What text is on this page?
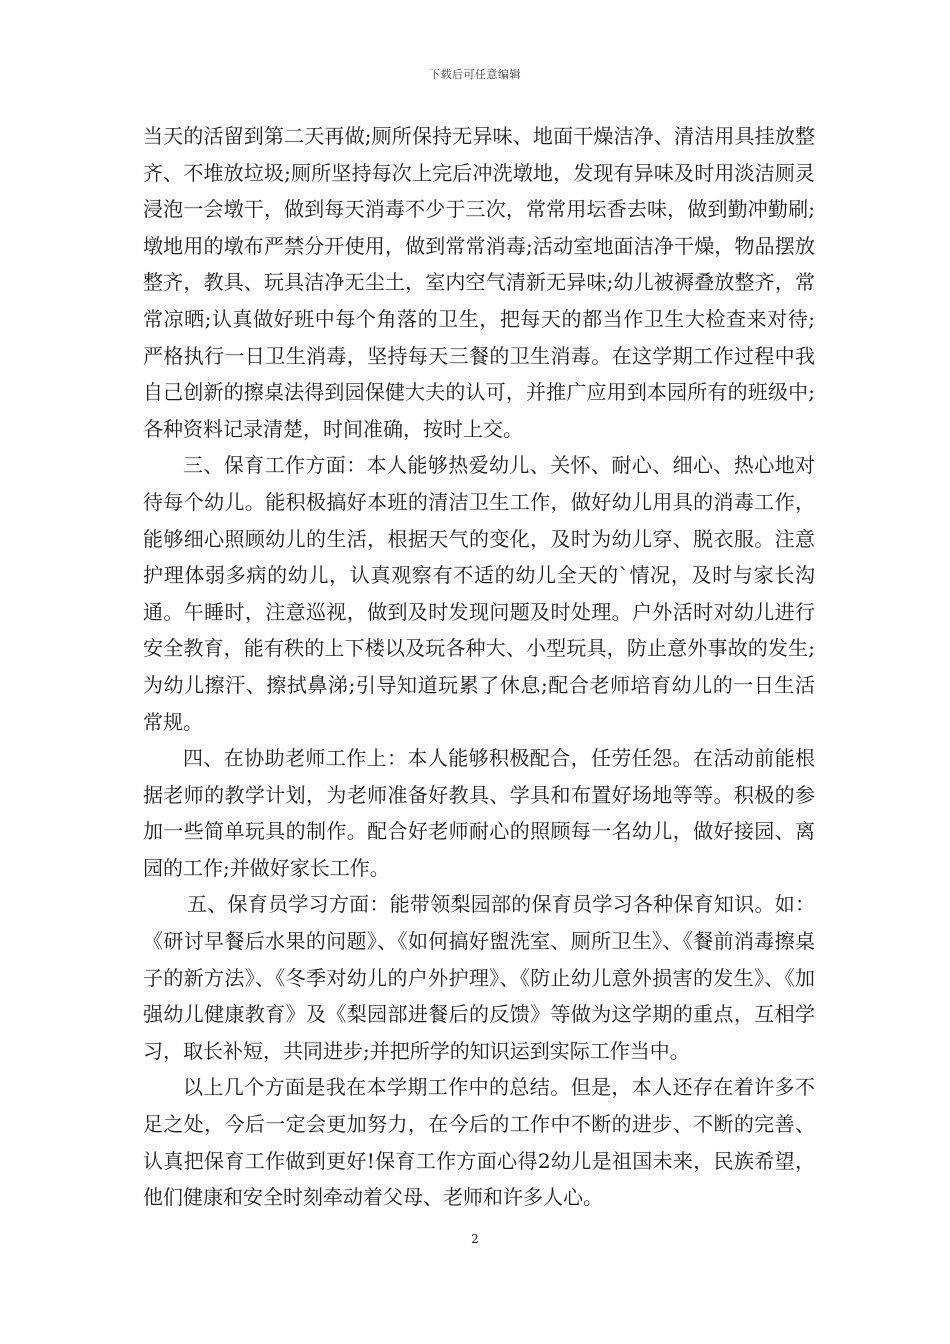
下载后可任意编辑

当天的活留到第二天再做;厕所保持无异味、地面干燥洁净、清洁用具挂放整齐、不堆放垃圾;厕所坚持每次上完后冲洗墩地，发现有异味及时用淡洁厕灵浸泡一会墩干，做到每天消毒不少于三次，常常用坛香去味，做到勤冲勤刷;墩地用的墩布严禁分开使用，做到常常消毒;活动室地面洁净干燥，物品摆放整齐，教具、玩具洁净无尘土，室内空气清新无异味;幼儿被褥叠放整齐，常常凉晒;认真做好班中每个角落的卫生，把每天的都当作卫生大检查来对待;严格执行一日卫生消毒，坚持每天三餐的卫生消毒。在这学期工作过程中我自己创新的擦桌法得到园保健大夫的认可，并推广应用到本园所有的班级中;各种资料记录清楚，时间准确，按时上交。

三、保育工作方面：本人能够热爱幼儿、关怀、耐心、细心、热心地对待每个幼儿。能积极搞好本班的清洁卫生工作，做好幼儿用具的消毒工作，能够细心照顾幼儿的生活，根据天气的变化，及时为幼儿穿、脱衣服。注意护理体弱多病的幼儿，认真观察有不适的幼儿全天的`情况，及时与家长沟通。午睡时，注意巡视，做到及时发现问题及时处理。户外活时对幼儿进行安全教育，能有秩的上下楼以及玩各种大、小型玩具，防止意外事故的发生;为幼儿擦汗、擦拭鼻涕;引导知道玩累了休息;配合老师培育幼儿的一日生活常规。

四、在协助老师工作上：本人能够积极配合，任劳任怨。在活动前能根据老师的教学计划，为老师准备好教具、学具和布置好场地等等。积极的参加一些简单玩具的制作。配合好老师耐心的照顾每一名幼儿，做好接园、离园的工作;并做好家长工作。

五、保育员学习方面：能带领梨园部的保育员学习各种保育知识。如：《研讨早餐后水果的问题》、《如何搞好盥洗室、厕所卫生》、《餐前消毒擦桌子的新方法》、《冬季对幼儿的户外护理》、《防止幼儿意外损害的发生》、《加强幼儿健康教育》及《梨园部进餐后的反馈》等做为这学期的重点，互相学习，取长补短，共同进步;并把所学的知识运到实际工作当中。

以上几个方面是我在本学期工作中的总结。但是，本人还存在着许多不足之处，今后一定会更加努力，在今后的工作中不断的进步、不断的完善、认真把保育工作做到更好!保育工作方面心得2幼儿是祖国未来，民族希望，他们健康和安全时刻牵动着父母、老师和许多人心。

2
